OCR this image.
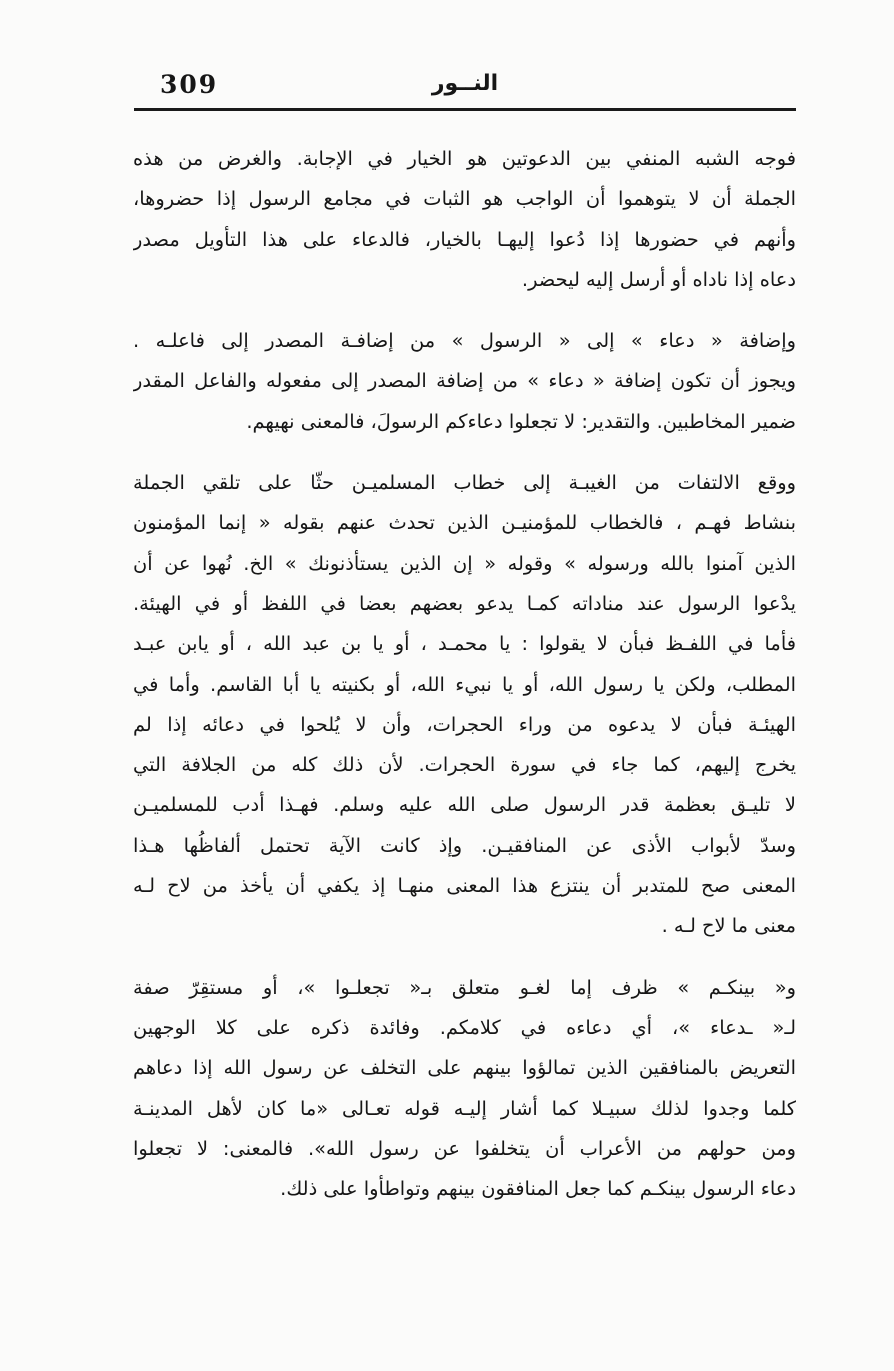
309	النــور
فوجه الشبه المنفي بين الدعوتين هو الخيار في الإجابة. والغرض من هذه
الجملة أن لا يتوهموا أن الواجب هو الثبات في مجامع الرسول إذا حضروها،
وأنهم في حضورها إذا دُعوا إليهـا بالخيار، فالدعاء على هذا التأويل مصدر
دعاه إذا ناداه أو أرسل إليه ليحضر.
وإضافة « دعاء » إلى « الرسول » من إضافـة المصدر إلى فاعلـه .
ويجوز أن تكون إضافة « دعاء » من إضافة المصدر إلى مفعوله والفاعل المقدر
ضمير المخاطبين. والتقدير: لا تجعلوا دعاءكم الرسولَ، فالمعنى نهيهم.
ووقع الالتفات من الغيبـة إلى خطاب المسلميـن حثّا على تلقي الجملة
بنشاط فهـم ، فالخطاب للمؤمنيـن الذين تحدث عنهم بقوله « إنما المؤمنون
الذين آمنوا بالله ورسوله » وقوله « إن الذين يستأذنونك » الخ. نُهوا عن أن
يدْعوا الرسول عند مناداته كمـا يدعو بعضهم بعضا في اللفظ أو في الهيئة.
فأما في اللفـظ فبأن لا يقولوا : يا محمـد ، أو يا بن عبد الله ، أو يابن عبـد
المطلب، ولكن يا رسول الله، أو يا نبيء الله، أو بكنيته يا أبا القاسم. وأما في
الهيئـة فبأن لا يدعوه من وراء الحجرات، وأن لا يُلحوا في دعائه إذا لم
يخرج إليهم، كما جاء في سورة الحجرات. لأن ذلك كله من الجلافة التي
لا تليـق بعظمة قدر الرسول صلى الله عليه وسلم. فهـذا أدب للمسلميـن
وسدّ لأبواب الأذى عن المنافقيـن. وإذ كانت الآية تحتمل ألفاظُها هـذا
المعنى صح للمتدبر أن ينتزع هذا المعنى منهـا إذ يكفي أن يأخذ من لاح لـه
معنى ما لاح لـه .
و« بينكـم » ظرف إما لغـو متعلق بـ« تجعلـوا »، أو مستقِرّ صفة
لـ« ـدعاء »، أي دعاءه في كلامكم. وفائدة ذكره على كلا الوجهين
التعريض بالمنافقين الذين تمالؤوا بينهم على التخلف عن رسول الله إذا دعاهم
كلما وجدوا لذلك سبيـلا كما أشار إليـه قوله تعـالى «ما كان لأهل المدينـة
ومن حولهم من الأعراب أن يتخلفوا عن رسول الله». فالمعنى: لا تجعلوا
دعاء الرسول بينكـم كما جعل المنافقون بينهم وتواطأوا على ذلك.
